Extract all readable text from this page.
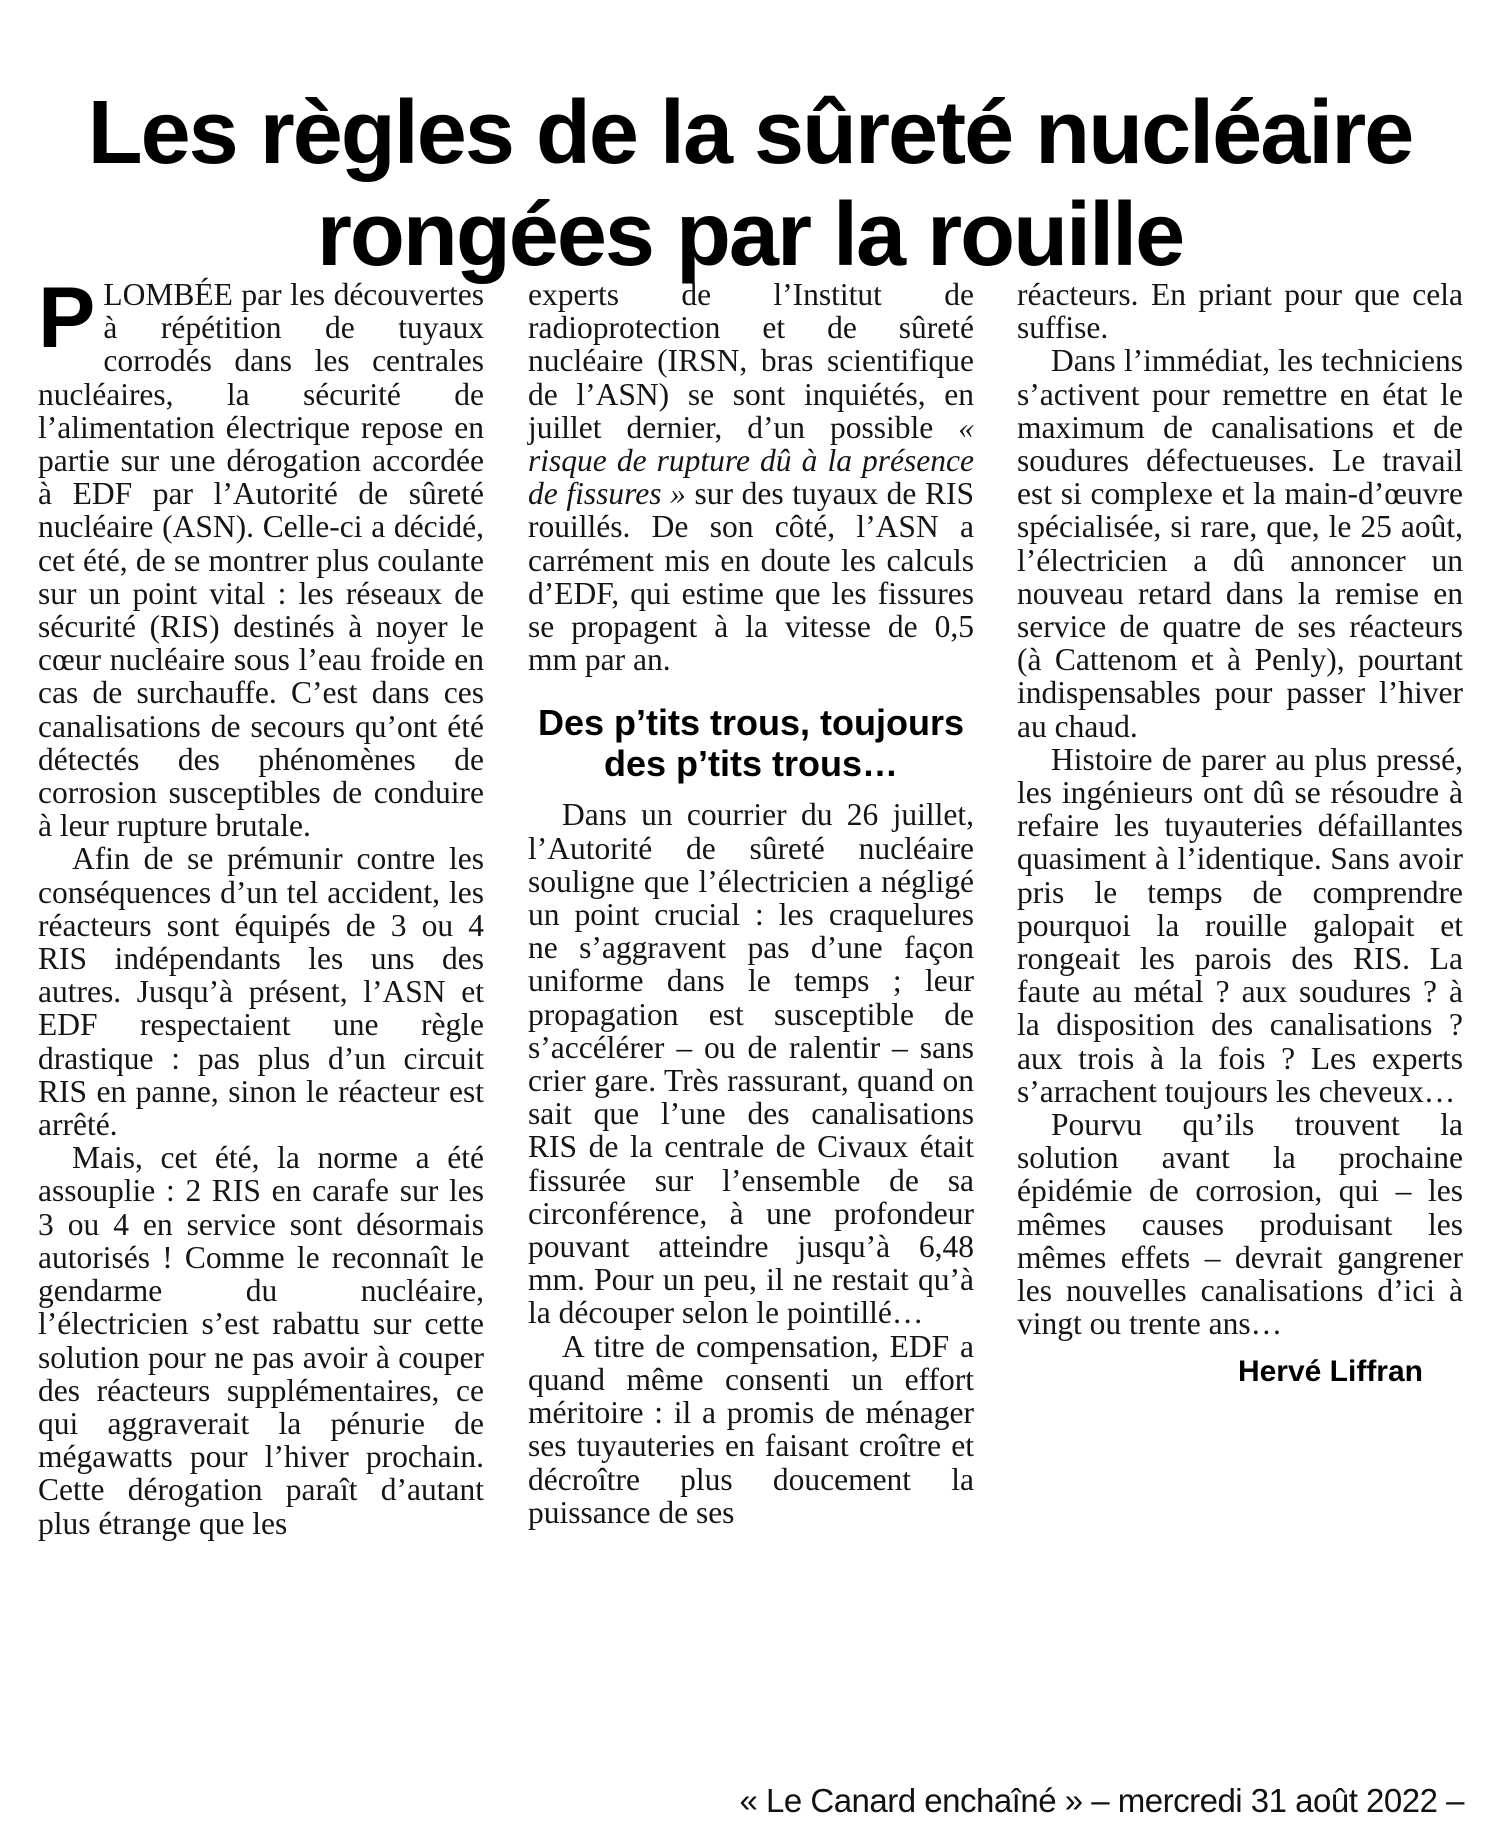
Les règles de la sûreté nucléaire
rongées par la rouille

PLOMBÉE par les découvertes à répétition de tuyaux corrodés dans les centrales nucléaires, la sécurité de l’alimentation électrique repose en partie sur une dérogation accordée à EDF par l’Autorité de sûreté nucléaire (ASN). Celle-ci a décidé, cet été, de se montrer plus coulante sur un point vital : les réseaux de sécurité (RIS) destinés à noyer le cœur nucléaire sous l’eau froide en cas de surchauffe. C’est dans ces canalisations de secours qu’ont été détectés des phénomènes de corrosion susceptibles de conduire à leur rupture brutale.

Afin de se prémunir contre les conséquences d’un tel accident, les réacteurs sont équipés de 3 ou 4 RIS indépendants les uns des autres. Jusqu’à présent, l’ASN et EDF respectaient une règle drastique : pas plus d’un circuit RIS en panne, sinon le réacteur est arrêté.

Mais, cet été, la norme a été assouplie : 2 RIS en carafe sur les 3 ou 4 en service sont désormais autorisés ! Comme le reconnaît le gendarme du nucléaire, l’électricien s’est rabattu sur cette solution pour ne pas avoir à couper des réacteurs supplémentaires, ce qui aggraverait la pénurie de mégawatts pour l’hiver prochain. Cette dérogation paraît d’autant plus étrange que les

experts de l’Institut de radioprotection et de sûreté nucléaire (IRSN, bras scientifique de l’ASN) se sont inquiétés, en juillet dernier, d’un possible « risque de rupture dû à la présence de fissures » sur des tuyaux de RIS rouillés. De son côté, l’ASN a carrément mis en doute les calculs d’EDF, qui estime que les fissures se propagent à la vitesse de 0,5 mm par an.

Des p’tits trous, toujours des p’tits trous…

Dans un courrier du 26 juillet, l’Autorité de sûreté nucléaire souligne que l’électricien a négligé un point crucial : les craquelures ne s’aggravent pas d’une façon uniforme dans le temps ; leur propagation est susceptible de s’accélérer – ou de ralentir – sans crier gare. Très rassurant, quand on sait que l’une des canalisations RIS de la centrale de Civaux était fissurée sur l’ensemble de sa circonférence, à une profondeur pouvant atteindre jusqu’à 6,48 mm. Pour un peu, il ne restait qu’à la découper selon le pointillé…

A titre de compensation, EDF a quand même consenti un effort méritoire : il a promis de ménager ses tuyauteries en faisant croître et décroître plus doucement la puissance de ses

réacteurs. En priant pour que cela suffise.

Dans l’immédiat, les techniciens s’activent pour remettre en état le maximum de canalisations et de soudures défectueuses. Le travail est si complexe et la main-d’œuvre spécialisée, si rare, que, le 25 août, l’électricien a dû annoncer un nouveau retard dans la remise en service de quatre de ses réacteurs (à Cattenom et à Penly), pourtant indispensables pour passer l’hiver au chaud.

Histoire de parer au plus pressé, les ingénieurs ont dû se résoudre à refaire les tuyauteries défaillantes quasiment à l’identique. Sans avoir pris le temps de comprendre pourquoi la rouille galopait et rongeait les parois des RIS. La faute au métal ? aux soudures ? à la disposition des canalisations ? aux trois à la fois ? Les experts s’arrachent toujours les cheveux…

Pourvu qu’ils trouvent la solution avant la prochaine épidémie de corrosion, qui – les mêmes causes produisant les mêmes effets – devrait gangrener les nouvelles canalisations d’ici à vingt ou trente ans…

Hervé Liffran
« Le Canard enchaîné » – mercredi 31 août 2022 –
